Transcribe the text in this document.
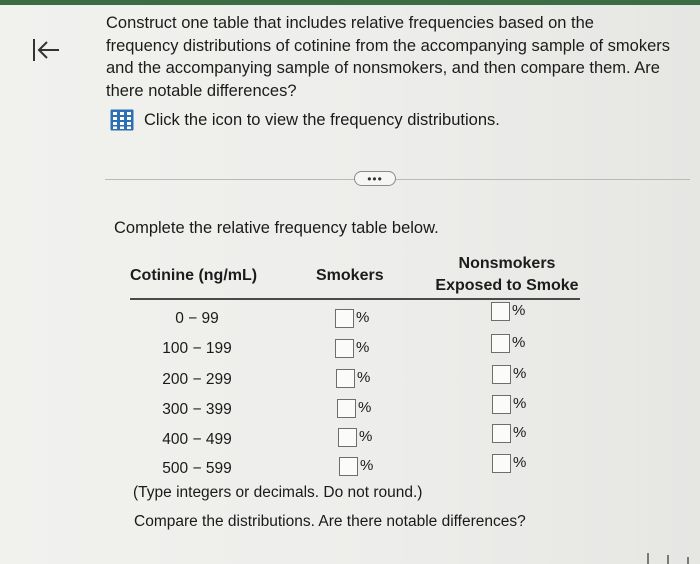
Construct one table that includes relative frequencies based on the
frequency distributions of cotinine from the accompanying sample of smokers
and the accompanying sample of nonsmokers, and then compare them. Are
there notable differences?
Click the icon to view the frequency distributions.
•••
Complete the relative frequency table below.
Cotinine (ng/mL)	Smokers
Nonsmokers
Exposed to Smoke
0 − 99	%	%
100 − 199	%	%
200 − 299	%	%
300 − 399	%	%
400 − 499	%	%
500 − 599	%	%
(Type integers or decimals. Do not round.)
Compare the distributions. Are there notable differences?
